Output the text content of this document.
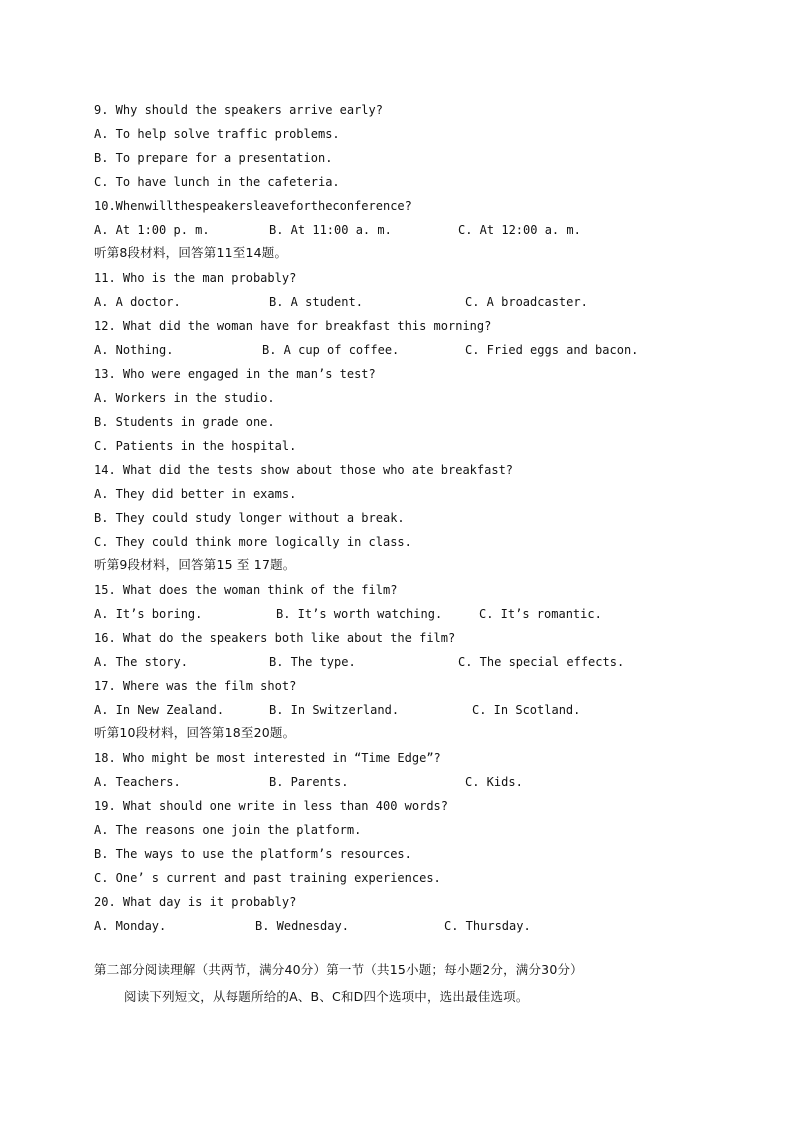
9. Why should the speakers arrive early?
A. To help solve traffic problems.
B. To prepare for a presentation.
C. To have lunch in the cafeteria.
10.Whenwillthespeakersleavefortheconference?
A. At 1:00 p. m.	B. At 11:00 a. m.	C. At 12:00 a. m.
听第8段材料，回答第11至14题。
11. Who is the man probably?
A. A doctor.	B. A student.	C. A broadcaster.
12. What did the woman have for breakfast this morning?
A. Nothing.	B. A cup of coffee.	C. Fried eggs and bacon.
13. Who were engaged in the man’s test?
A. Workers in the studio.
B. Students in grade one.
C. Patients in the hospital.
14. What did the tests show about those who ate breakfast?
A. They did better in exams.
B. They could study longer without a break.
C. They could think more logically in class.
听第9段材料，回答第15 至 17题。
15. What does the woman think of the film?
A. It’s boring.	B. It’s worth watching.	C. It’s romantic.
16. What do the speakers both like about the film?
A. The story.	B. The type.	C. The special effects.
17. Where was the film shot?
A. In New Zealand.	B. In Switzerland.	C. In Scotland.
听第10段材料，回答第18至20题。
18. Who might be most interested in “Time Edge”?
A. Teachers.	B. Parents.	C. Kids.
19. What should one write in less than 400 words?
A. The reasons one join the platform.
B. The ways to use the platform’s resources.
C. One’ s current and past training experiences.
20. What day is it probably?
A. Monday.	B. Wednesday.	C. Thursday.
第二部分阅读理解（共两节，满分40分）第一节（共15小题；每小题2分，满分30分）
阅读下列短文，从每题所给的A、B、C和D四个选项中，选出最佳选项。
